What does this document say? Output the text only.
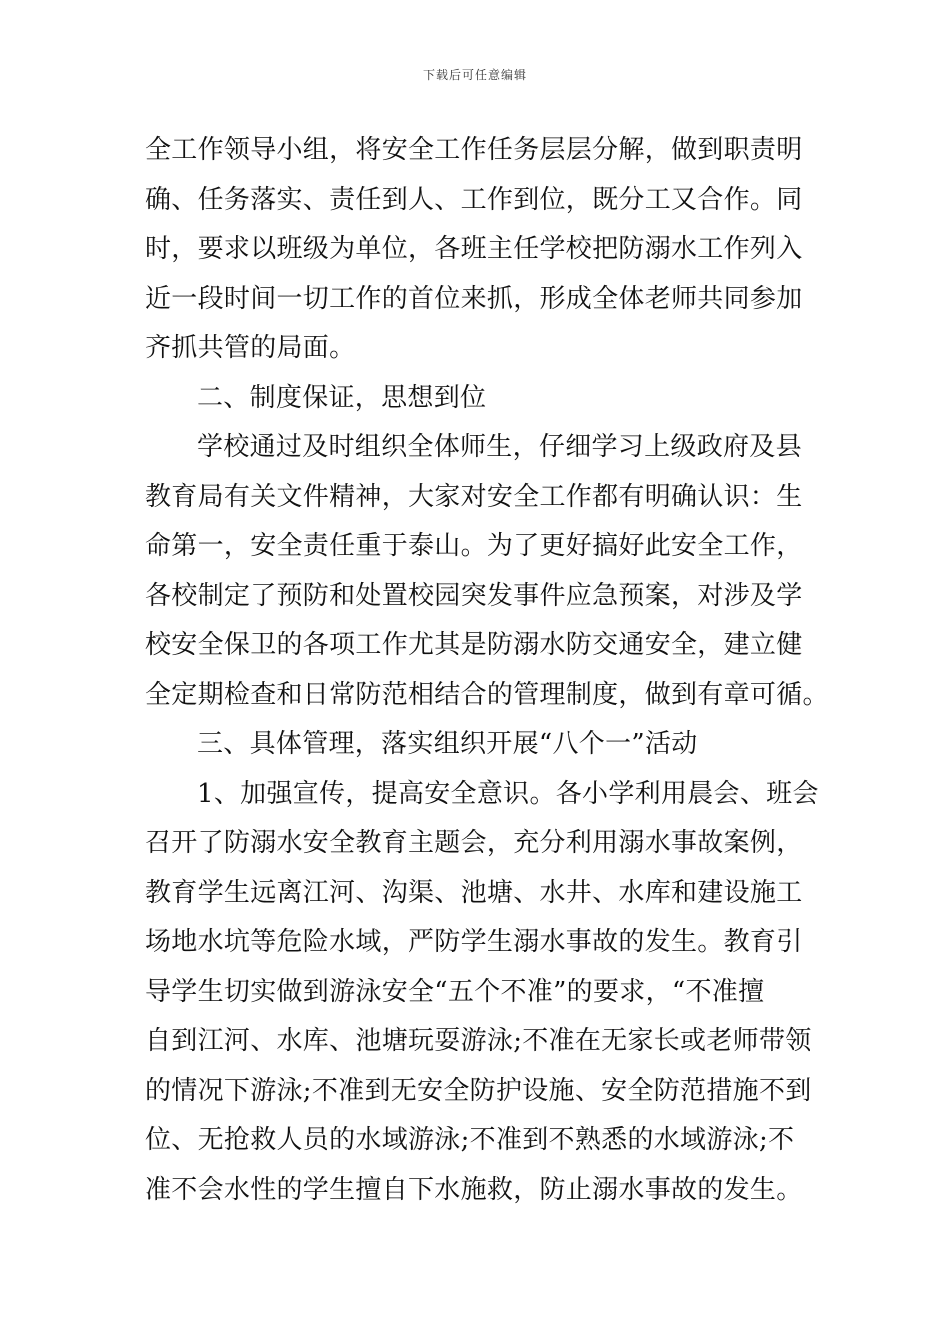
下载后可任意编辑
全工作领导小组，将安全工作任务层层分解，做到职责明
确、任务落实、责任到人、工作到位，既分工又合作。同
时，要求以班级为单位，各班主任学校把防溺水工作列入
近一段时间一切工作的首位来抓，形成全体老师共同参加
齐抓共管的局面。
二、制度保证，思想到位
学校通过及时组织全体师生，仔细学习上级政府及县
教育局有关文件精神，大家对安全工作都有明确认识：生
命第一，安全责任重于泰山。为了更好搞好此安全工作，
各校制定了预防和处置校园突发事件应急预案，对涉及学
校安全保卫的各项工作尤其是防溺水防交通安全，建立健
全定期检查和日常防范相结合的管理制度，做到有章可循。
三、具体管理，落实组织开展“八个一”活动
1、加强宣传，提高安全意识。各小学利用晨会、班会
召开了防溺水安全教育主题会，充分利用溺水事故案例，
教育学生远离江河、沟渠、池塘、水井、水库和建设施工
场地水坑等危险水域，严防学生溺水事故的发生。教育引
导学生切实做到游泳安全“五个不准”的要求，“不准擅
自到江河、水库、池塘玩耍游泳;不准在无家长或老师带领
的情况下游泳;不准到无安全防护设施、安全防范措施不到
位、无抢救人员的水域游泳;不准到不熟悉的水域游泳;不
准不会水性的学生擅自下水施救，防止溺水事故的发生。
